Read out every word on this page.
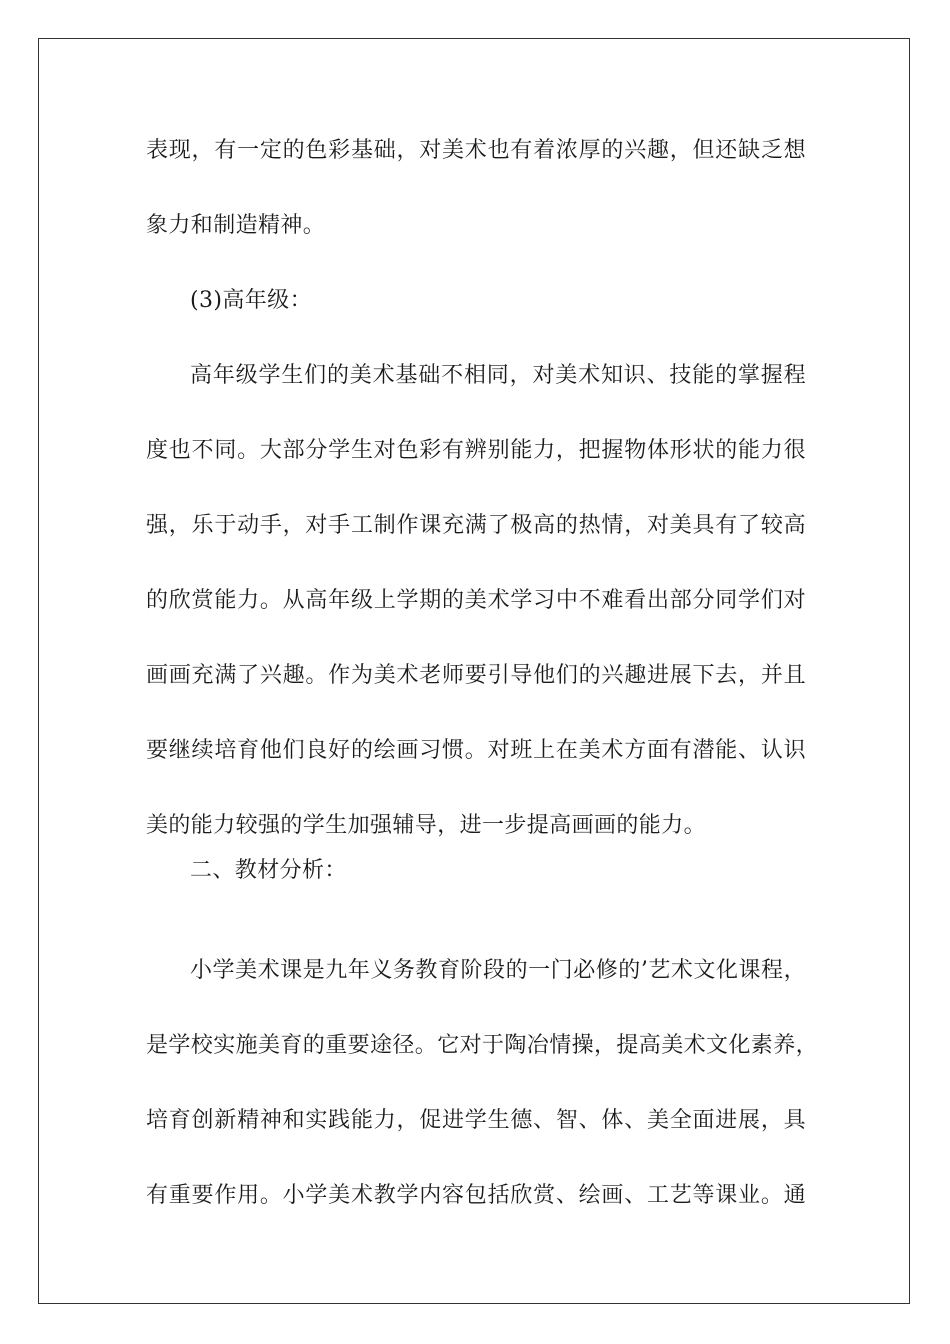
表现，有一定的色彩基础，对美术也有着浓厚的兴趣，但还缺乏想
象力和制造精神。
(3)高年级：
高年级学生们的美术基础不相同，对美术知识、技能的掌握程
度也不同。大部分学生对色彩有辨别能力，把握物体形状的能力很
强，乐于动手，对手工制作课充满了极高的热情，对美具有了较高
的欣赏能力。从高年级上学期的美术学习中不难看出部分同学们对
画画充满了兴趣。作为美术老师要引导他们的兴趣进展下去，并且
要继续培育他们良好的绘画习惯。对班上在美术方面有潜能、认识
美的能力较强的学生加强辅导，进一步提高画画的能力。
二、教材分析：
小学美术课是九年义务教育阶段的一门必修的’艺术文化课程，
是学校实施美育的重要途径。它对于陶冶情操，提高美术文化素养，
培育创新精神和实践能力，促进学生德、智、体、美全面进展，具
有重要作用。小学美术教学内容包括欣赏、绘画、工艺等课业。通
